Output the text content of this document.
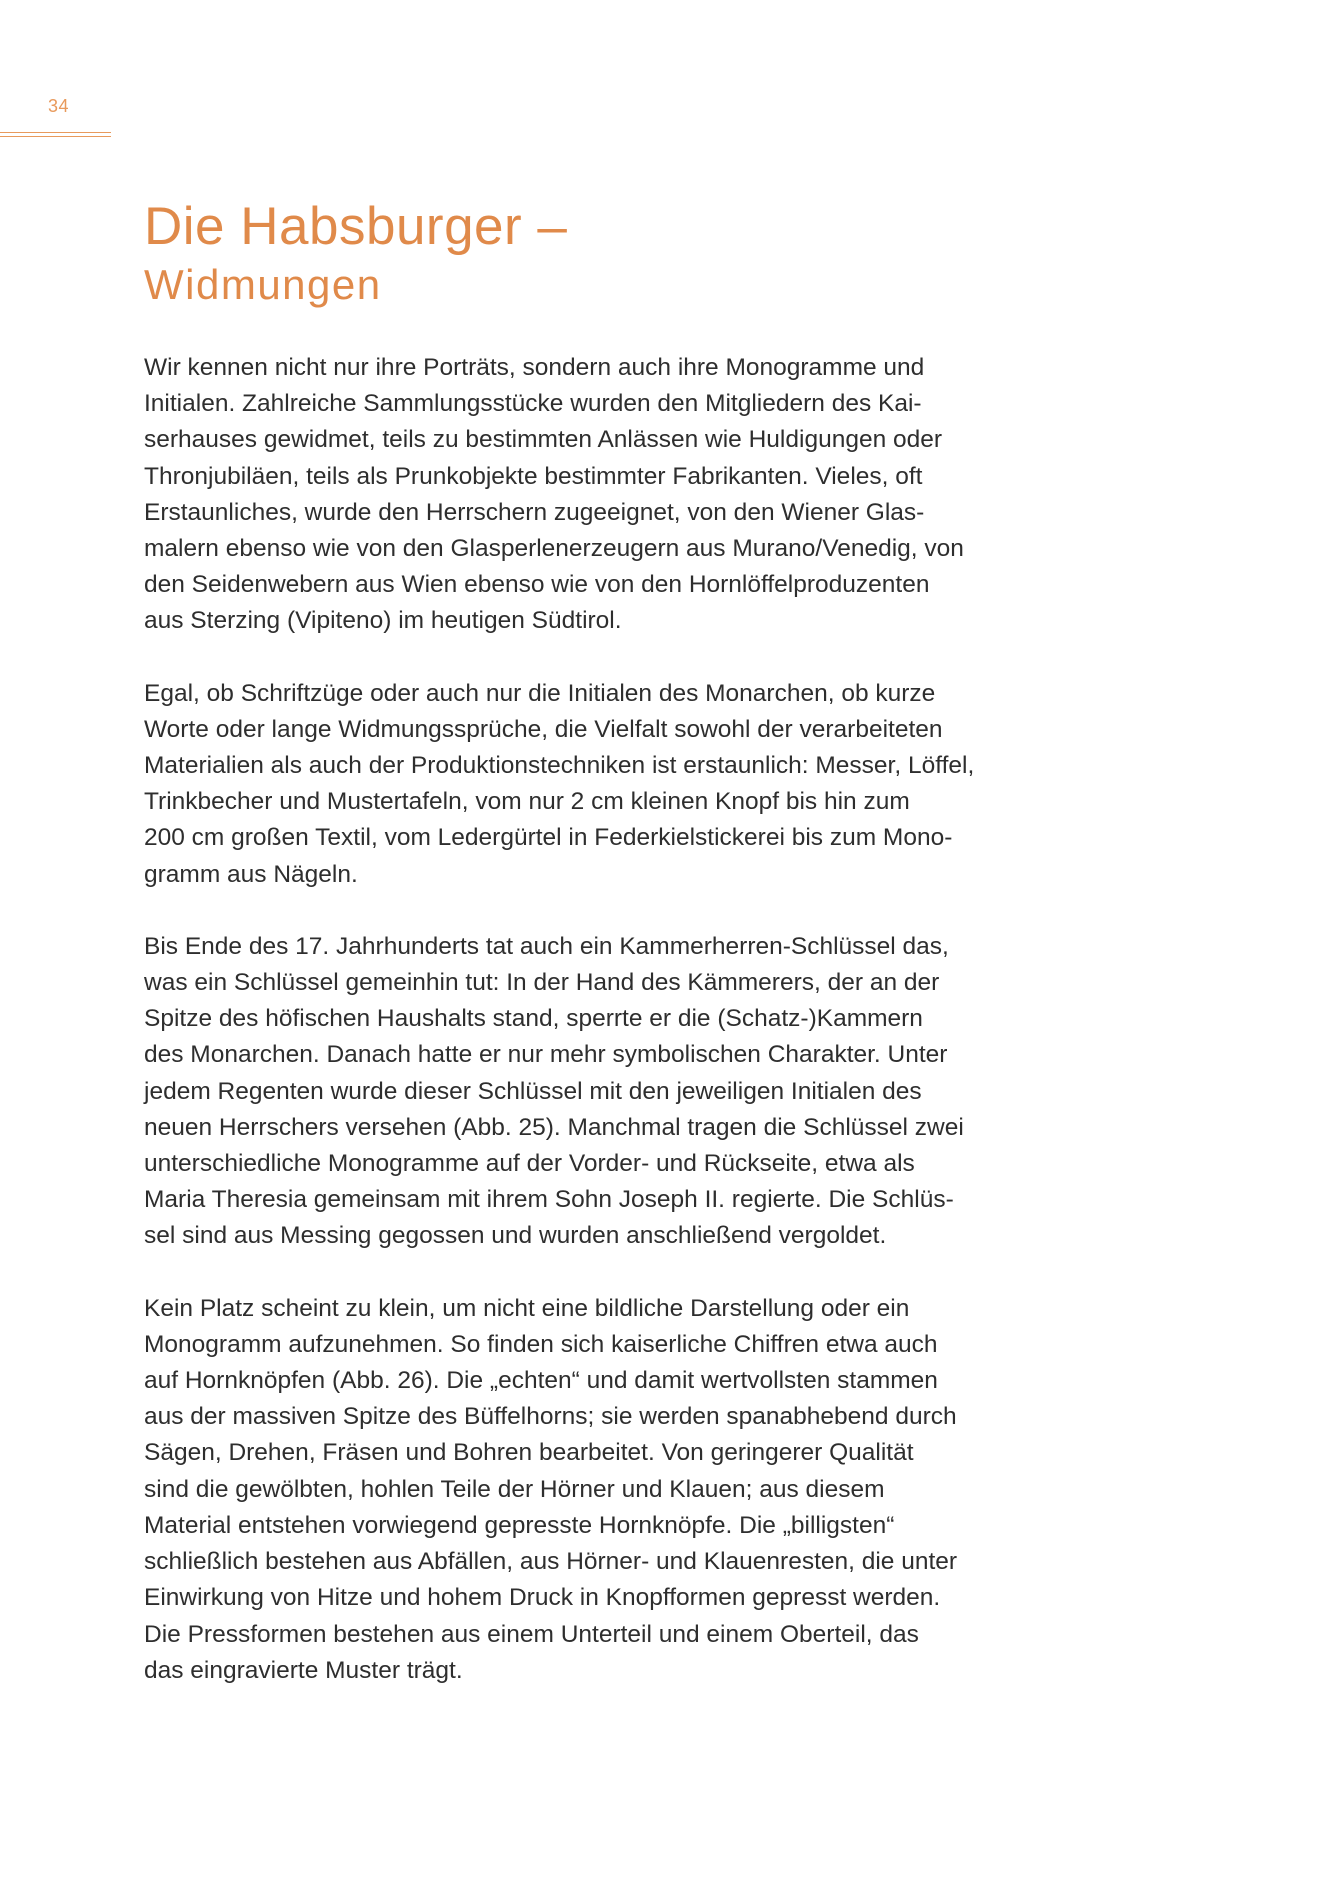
34
Die Habsburger –
Widmungen

Wir kennen nicht nur ihre Porträts, sondern auch ihre Monogramme und
Initialen. Zahlreiche Sammlungsstücke wurden den Mitgliedern des Kai-
serhauses gewidmet, teils zu bestimmten Anlässen wie Huldigungen oder
Thronjubiläen, teils als Prunkobjekte bestimmter Fabrikanten. Vieles, oft
Erstaunliches, wurde den Herrschern zugeeignet, von den Wiener Glas-
malern ebenso wie von den Glasperlenerzeugern aus Murano/Venedig, von
den Seidenwebern aus Wien ebenso wie von den Hornlöffelproduzenten
aus Sterzing (Vipiteno) im heutigen Südtirol.

Egal, ob Schriftzüge oder auch nur die Initialen des Monarchen, ob kurze
Worte oder lange Widmungssprüche, die Vielfalt sowohl der verarbeiteten
Materialien als auch der Produktionstechniken ist erstaunlich: Messer, Löffel,
Trinkbecher und Mustertafeln, vom nur 2 cm kleinen Knopf bis hin zum
200 cm großen Textil, vom Ledergürtel in Federkielstickerei bis zum Mono-
gramm aus Nägeln.

Bis Ende des 17. Jahrhunderts tat auch ein Kammerherren-Schlüssel das,
was ein Schlüssel gemeinhin tut: In der Hand des Kämmerers, der an der
Spitze des höfischen Haushalts stand, sperrte er die (Schatz-)Kammern
des Monarchen. Danach hatte er nur mehr symbolischen Charakter. Unter
jedem Regenten wurde dieser Schlüssel mit den jeweiligen Initialen des
neuen Herrschers versehen (Abb. 25). Manchmal tragen die Schlüssel zwei
unterschiedliche Monogramme auf der Vorder- und Rückseite, etwa als
Maria Theresia gemeinsam mit ihrem Sohn Joseph II. regierte. Die Schlüs-
sel sind aus Messing gegossen und wurden anschließend vergoldet.

Kein Platz scheint zu klein, um nicht eine bildliche Darstellung oder ein
Monogramm aufzunehmen. So finden sich kaiserliche Chiffren etwa auch
auf Hornknöpfen (Abb. 26). Die „echten“ und damit wertvollsten stammen
aus der massiven Spitze des Büffelhorns; sie werden spanabhebend durch
Sägen, Drehen, Fräsen und Bohren bearbeitet. Von geringerer Qualität
sind die gewölbten, hohlen Teile der Hörner und Klauen; aus diesem
Material entstehen vorwiegend gepresste Hornknöpfe. Die „billigsten“
schließlich bestehen aus Abfällen, aus Hörner- und Klauenresten, die unter
Einwirkung von Hitze und hohem Druck in Knopfformen gepresst werden.
Die Pressformen bestehen aus einem Unterteil und einem Oberteil, das
das eingravierte Muster trägt.
